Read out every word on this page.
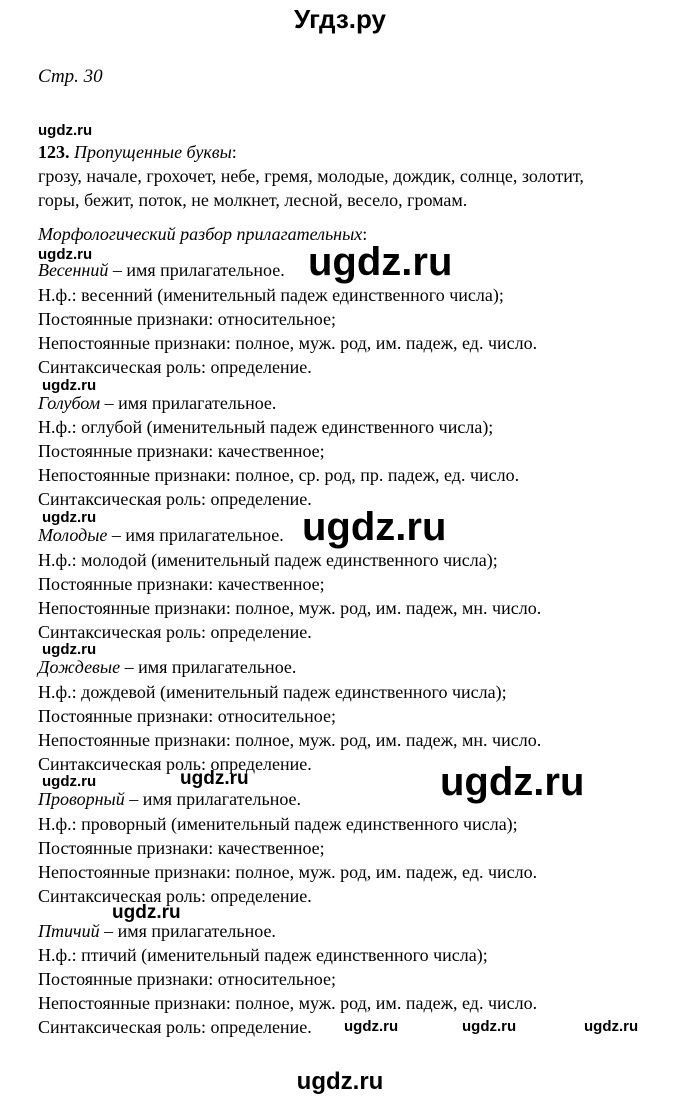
Угдз.ру
Стр. 30
ugdz.ru
123. Пропущенные буквы:
грозу, начале, грохочет, небе, гремя, молодые, дождик, солнце, золотит,
горы, бежит, поток, не молкнет, лесной, весело, громам.
Морфологический разбор прилагательных:
ugdz.ru
Весенний – имя прилагательное. ugdz.ru
Н.ф.: весенний (именительный падеж единственного числа);
Постоянные признаки: относительное;
Непостоянные признаки: полное, муж. род, им. падеж, ед. число.
Синтаксическая роль: определение.
ugdz.ru
Голубом – имя прилагательное.
Н.ф.: оглубой (именительный падеж единственного числа);
Постоянные признаки: качественное;
Непостоянные признаки: полное, ср. род, пр. падеж, ед. число.
Синтаксическая роль: определение.
ugdz.ru
Молодые – имя прилагательное. ugdz.ru
Н.ф.: молодой (именительный падеж единственного числа);
Постоянные признаки: качественное;
Непостоянные признаки: полное, муж. род, им. падеж, мн. число.
Синтаксическая роль: определение.
ugdz.ru
Дождевые – имя прилагательное.
Н.ф.: дождевой (именительный падеж единственного числа);
Постоянные признаки: относительное;
Непостоянные признаки: полное, муж. род, им. падеж, мн. число.
Синтаксическая роль: определение.
ugdz.ru	ugdz.ru	ugdz.ru
Проворный – имя прилагательное.
Н.ф.: проворный (именительный падеж единственного числа);
Постоянные признаки: качественное;
Непостоянные признаки: полное, муж. род, им. падеж, ед. число.
Синтаксическая роль: определение.
ugdz.ru
Птичий – имя прилагательное.
Н.ф.: птичий (именительный падеж единственного числа);
Постоянные признаки: относительное;
Непостоянные признаки: полное, муж. род, им. падеж, ед. число.
Синтаксическая роль: определение. ugdz.ru	ugdz.ru	ugdz.ru
ugdz.ru
